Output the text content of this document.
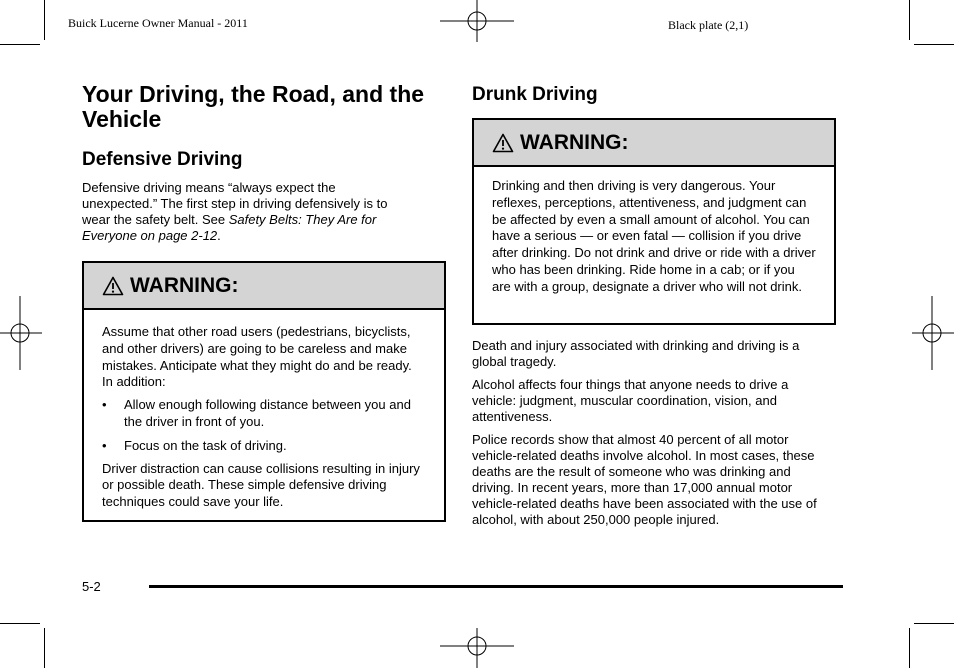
Buick Lucerne Owner Manual - 2011	Black plate (2,1)
Your Driving, the Road, and the Vehicle
Defensive Driving

Defensive driving means “always expect the unexpected.” The first step in driving defensively is to wear the safety belt. See Safety Belts: They Are for Everyone on page 2-12.

WARNING:

Assume that other road users (pedestrians, bicyclists, and other drivers) are going to be careless and make mistakes. Anticipate what they might do and be ready. In addition:

•	Allow enough following distance between you and the driver in front of you.
•	Focus on the task of driving.

Driver distraction can cause collisions resulting in injury or possible death. These simple defensive driving techniques could save your life.

Drunk Driving
WARNING:

Drinking and then driving is very dangerous. Your reflexes, perceptions, attentiveness, and judgment can be affected by even a small amount of alcohol. You can have a serious — or even fatal — collision if you drive after drinking. Do not drink and drive or ride with a driver who has been drinking. Ride home in a cab; or if you are with a group, designate a driver who will not drink.

Death and injury associated with drinking and driving is a global tragedy.

Alcohol affects four things that anyone needs to drive a vehicle: judgment, muscular coordination, vision, and attentiveness.

Police records show that almost 40 percent of all motor vehicle-related deaths involve alcohol. In most cases, these deaths are the result of someone who was drinking and driving. In recent years, more than 17,000 annual motor vehicle-related deaths have been associated with the use of alcohol, with about 250,000 people injured.

5-2
